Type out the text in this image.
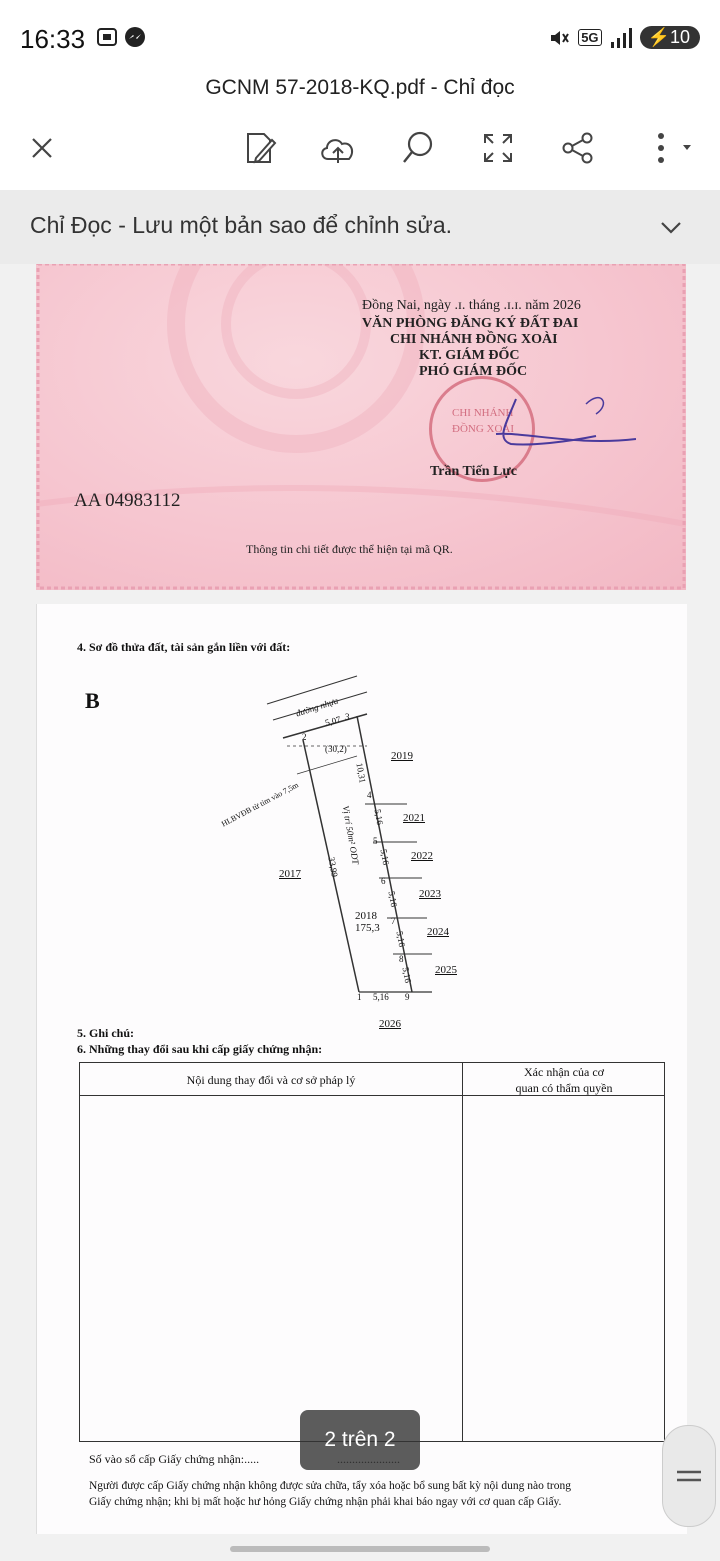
16:33	5G	⚡10
GCNM 57-2018-KQ.pdf - Chỉ đọc
Chỉ Đọc - Lưu một bản sao để chỉnh sửa.
Đồng Nai, ngày .ɪ. tháng .ɪ.ɪ. năm 2026
VĂN PHÒNG ĐĂNG KÝ ĐẤT ĐAI
CHI NHÁNH ĐỒNG XOÀI
KT. GIÁM ĐỐC
PHÓ GIÁM ĐỐC
CHI NHÁNH
ĐỒNG XOÀI
Trần Tiến Lực
AA 04983112
Thông tin chi tiết được thể hiện tại mã QR.
4. Sơ đồ thửa đất, tài sản gắn liền với đất:
B	đường nhựa
5,07
2
3
(30,2)
HLBVĐB từ tim vào 7,5m
10,31
33,99
Vị trí 50m² ODT
2018
175,3
5,16
1	9
4
5
6
7
8
5,16
5,16
5,16
5,16
5,16
2019
2021
2022
2023
2024
2025
2017
2026
5. Ghi chú:
6. Những thay đổi sau khi cấp giấy chứng nhận:
Nội dung thay đổi và cơ sở pháp lý
Xác nhận của cơ
quan có thẩm quyền
Số vào sổ cấp Giấy chứng nhận:.....
Người được cấp Giấy chứng nhận không được sửa chữa, tẩy xóa hoặc bổ sung bất kỳ nội dung nào trong
Giấy chứng nhận; khi bị mất hoặc hư hỏng Giấy chứng nhận phải khai báo ngay với cơ quan cấp Giấy.
2 trên 2
